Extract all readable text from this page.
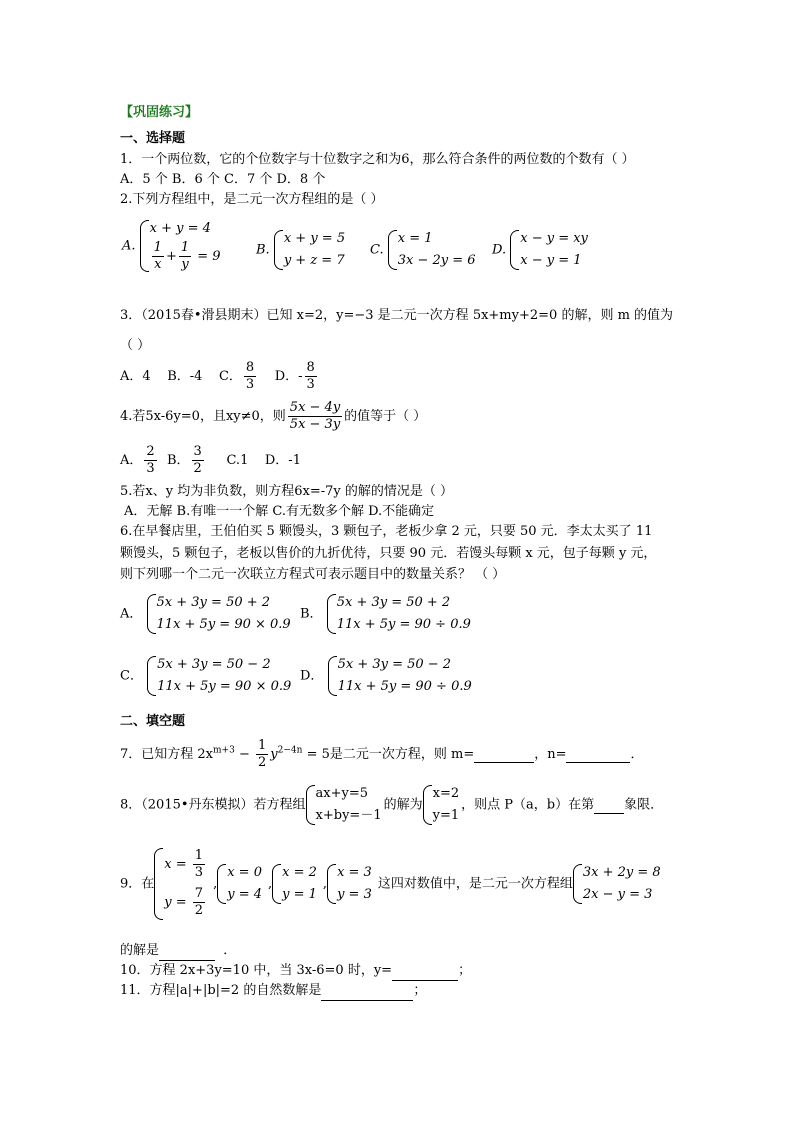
【巩固练习】
一、选择题
1．一个两位数，它的个位数字与十位数字之和为6，那么符合条件的两位数的个数有（ ）
A．5 个 B．6 个 C．7 个 D．8 个
2.下列方程组中，是二元一次方程组的是（ ）
A.
x + y = 4
$\frac{1}{x} + \frac{1}{y} = 9$	B.
x + y = 5
y + z = 7
C.
x = 1
3x − 2y = 6
D.
x − y = xy
x − y = 1
3．（2015春•滑县期末）已知 x=2，y=−3 是二元一次方程 5x+my+2=0 的解，则 m 的值为
（ ）
A．4 B．-4 C． $\frac{8}{3}$ D．- $\frac{8}{3}$
4.若5x-6y=0，且xy≠0，则 $\frac{5x - 4y}{5x - 3y}$ 的值等于（ ）
A． $\frac{2}{3}$ B． $\frac{3}{2} C.1$ D．-1
5.若x、y 均为非负数，则方程6x=-7y 的解的情况是（ ）
A．无解 B.有唯一一个解 C.有无数多个解 D.不能确定
6.在早餐店里，王伯伯买 5 颗馒头，3 颗包子，老板少拿 2 元，只要 50 元．李太太买了 11
颗馒头，5 颗包子，老板以售价的九折优待，只要 90 元．若馒头每颗 x 元，包子每颗 y 元，
则下列哪一个二元一次联立方程式可表示题目中的数量关系？ （ ）
A．
5x + 3y = 50 + 2
11x + 5y = 90 × 0.9
B．
5x + 3y = 50 + 2
11x + 5y = 90 ÷ 0.9
C．
5x + 3y = 50 − 2
11x + 5y = 90 × 0.9
D．
5x + 3y = 50 − 2
11x + 5y = 90 ÷ 0.9
二、填空题
7．已知方程 $2x^{m+3} - \frac{1}{2} y^{2-4n} = 5$是二元一次方程，则 m=	，n=	．
8．（2015•丹东模拟）若方程组
ax+y=5
x+by=－1
的解为
x=2
y=1
，则点 P（a，b）在第 象限．
9．在
$x = \frac{1}{3}$
$y = \frac{7}{2}$
,
x = 0
y = 4
,
x = 2
y = 1
,
x = 3
y = 3
这四对数值中，是二元一次方程组
3x + 2y = 8
2x − y = 3
的解是	．
10．方程 2x+3y=10 中，当 3x-6=0 时，y=	；
11．方程|a|+|b|=2 的自然数解是	；
